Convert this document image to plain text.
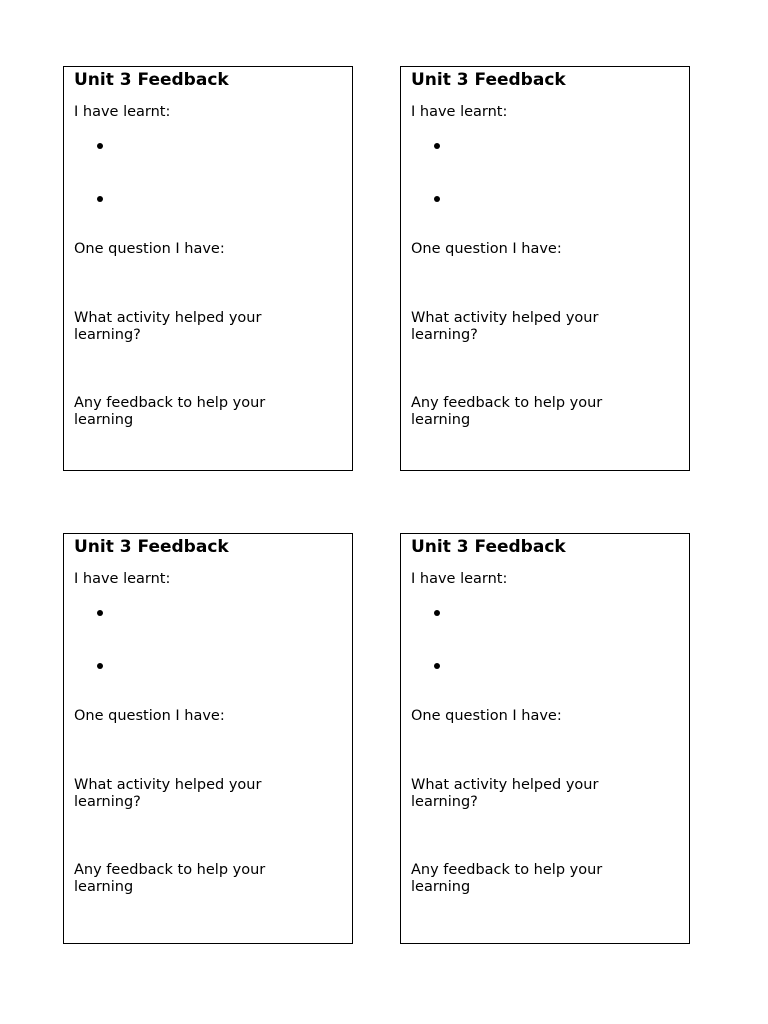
Unit 3 Feedback
I have learnt:
One question I have:
What activity helped your
learning?
Any feedback to help your
learning
Unit 3 Feedback
I have learnt:
One question I have:
What activity helped your
learning?
Any feedback to help your
learning
Unit 3 Feedback
I have learnt:
One question I have:
What activity helped your
learning?
Any feedback to help your
learning
Unit 3 Feedback
I have learnt:
One question I have:
What activity helped your
learning?
Any feedback to help your
learning
